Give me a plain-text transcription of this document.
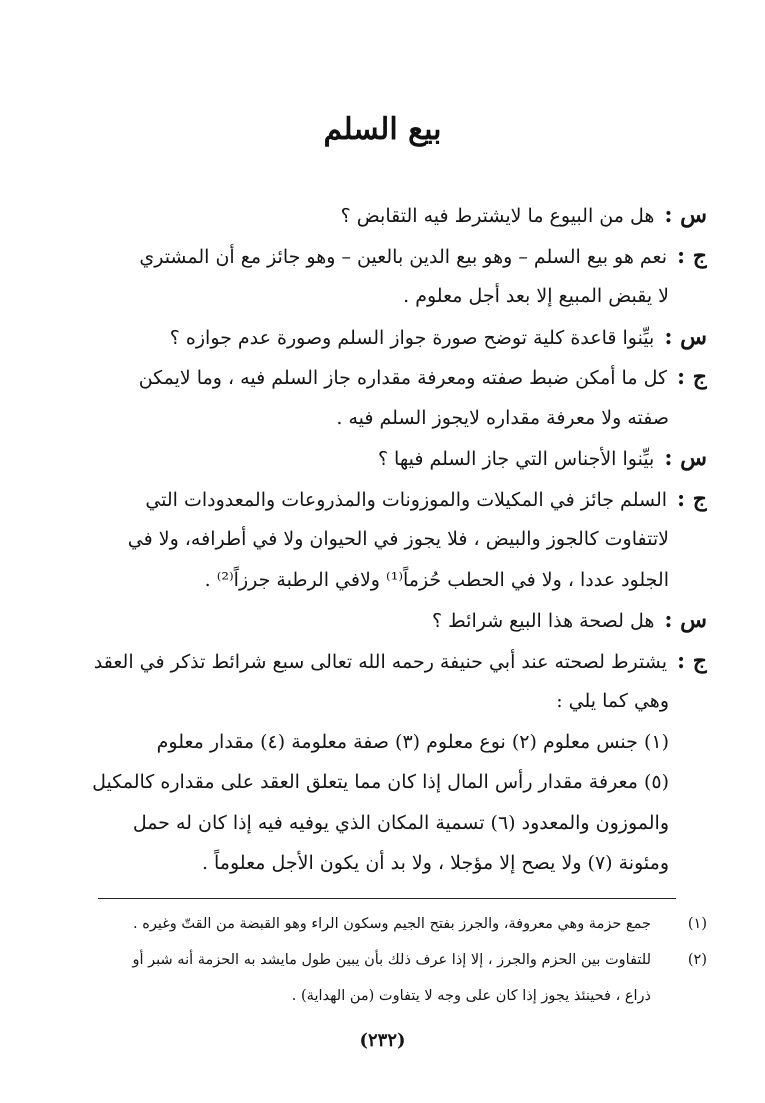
بيع السلم
س :هل من البيوع ما لايشترط فيه التقابض ؟
ج :نعم هو بيع السلم – وهو بيع الدين بالعين – وهو جائز مع أن المشتري
لا يقبض المبيع إلا بعد أجل معلوم .
س :بيِّنوا قاعدة كلية توضح صورة جواز السلم وصورة عدم جوازه ؟
ج :كل ما أمكن ضبط صفته ومعرفة مقداره جاز السلم فيه ، وما لايمكن
صفته ولا معرفة مقداره لايجوز السلم فيه .
س :بيِّنوا الأجناس التي جاز السلم فيها ؟
ج :السلم جائز في المكيلات والموزونات والمذروعات والمعدودات التي
لاتتفاوت كالجوز والبيض ، فلا يجوز في الحيوان ولا في أطرافه، ولا في
الجلود عددا ، ولا في الحطب حُزماً⁽¹⁾ ولافي الرطبة جرزاً⁽²⁾ .
س :هل لصحة هذا البيع شرائط ؟
ج :يشترط لصحته عند أبي حنيفة رحمه الله تعالى سبع شرائط تذكر في العقد
وهي كما يلي :
(١) جنس معلوم (٢) نوع معلوم (٣) صفة معلومة (٤) مقدار معلوم
(٥) معرفة مقدار رأس المال إذا كان مما يتعلق العقد على مقداره كالمكيل
والموزون والمعدود (٦) تسمية المكان الذي يوفيه فيه إذا كان له حمل
ومئونة (٧) ولا يصح إلا مؤجلا ، ولا بد أن يكون الأجل معلوماً .
(١)جمع حزمة وهي معروفة، والجرز بفتح الجيم وسكون الراء وهو القبضة من القتّ وغيره .
(٢)للتفاوت بين الحزم والجرز ، إلا إذا عرف ذلك بأن يبين طول مايشد به الحزمة أنه شبر أو
ذراع ، فحينئذ يجوز إذا كان على وجه لا يتفاوت (من الهداية) .
(٢٣٢)
